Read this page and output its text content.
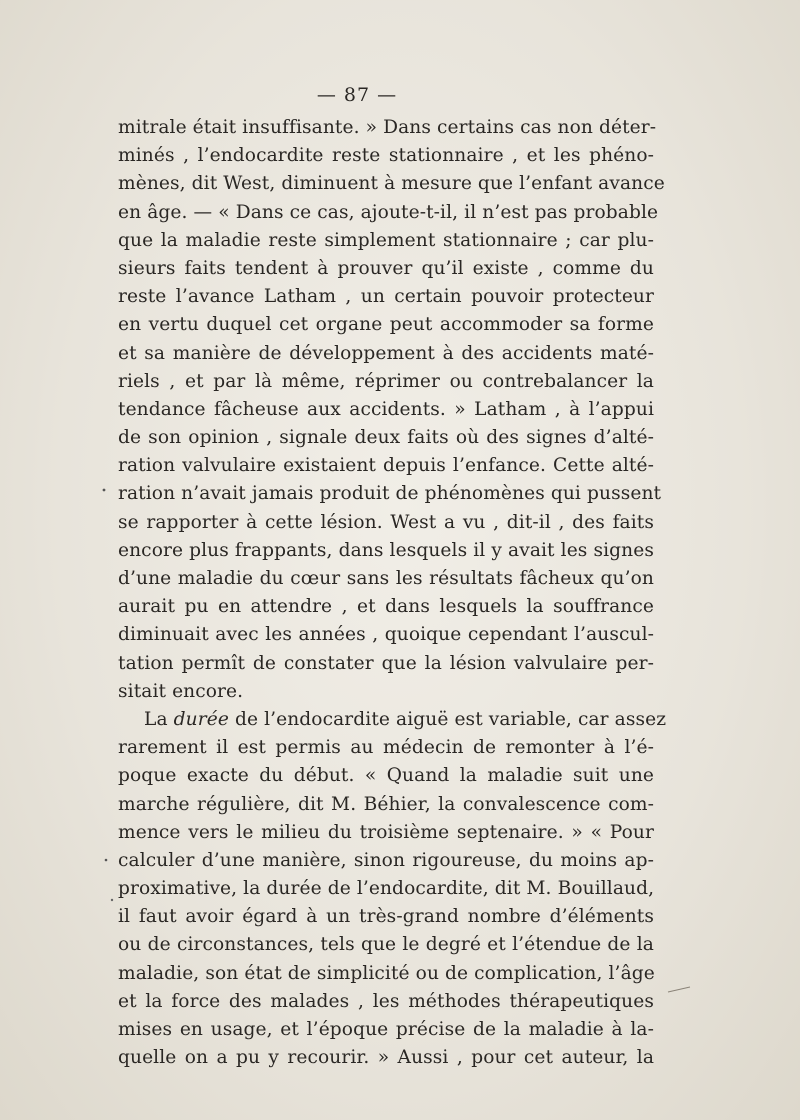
— 87 —
mitrale était insuffisante. » Dans certains cas non déter-
minés , l’endocardite reste stationnaire , et les phéno-
mènes, dit West, diminuent à mesure que l’enfant avance
en âge. — « Dans ce cas, ajoute-t-il, il n’est pas probable
que la maladie reste simplement stationnaire ; car plu-
sieurs faits tendent à prouver qu’il existe , comme du
reste l’avance Latham , un certain pouvoir protecteur
en vertu duquel cet organe peut accommoder sa forme
et sa manière de développement à des accidents maté-
riels , et par là même, réprimer ou contrebalancer la
tendance fâcheuse aux accidents. » Latham , à l’appui
de son opinion , signale deux faits où des signes d’alté-
ration valvulaire existaient depuis l’enfance. Cette alté-
ration n’avait jamais produit de phénomènes qui pussent
se rapporter à cette lésion. West a vu , dit-il , des faits
encore plus frappants, dans lesquels il y avait les signes
d’une maladie du cœur sans les résultats fâcheux qu’on
aurait pu en attendre , et dans lesquels la souffrance
diminuait avec les années , quoique cependant l’auscul-
tation permît de constater que la lésion valvulaire per-
sitait encore.
La durée de l’endocardite aiguë est variable, car assez
rarement il est permis au médecin de remonter à l’é-
poque exacte du début. « Quand la maladie suit une
marche régulière, dit M. Béhier, la convalescence com-
mence vers le milieu du troisième septenaire. » « Pour
calculer d’une manière, sinon rigoureuse, du moins ap-
proximative, la durée de l’endocardite, dit M. Bouillaud,
il faut avoir égard à un très-grand nombre d’éléments
ou de circonstances, tels que le degré et l’étendue de la
maladie, son état de simplicité ou de complication, l’âge
et la force des malades , les méthodes thérapeutiques
mises en usage, et l’époque précise de la maladie à la-
quelle on a pu y recourir. » Aussi , pour cet auteur, la
